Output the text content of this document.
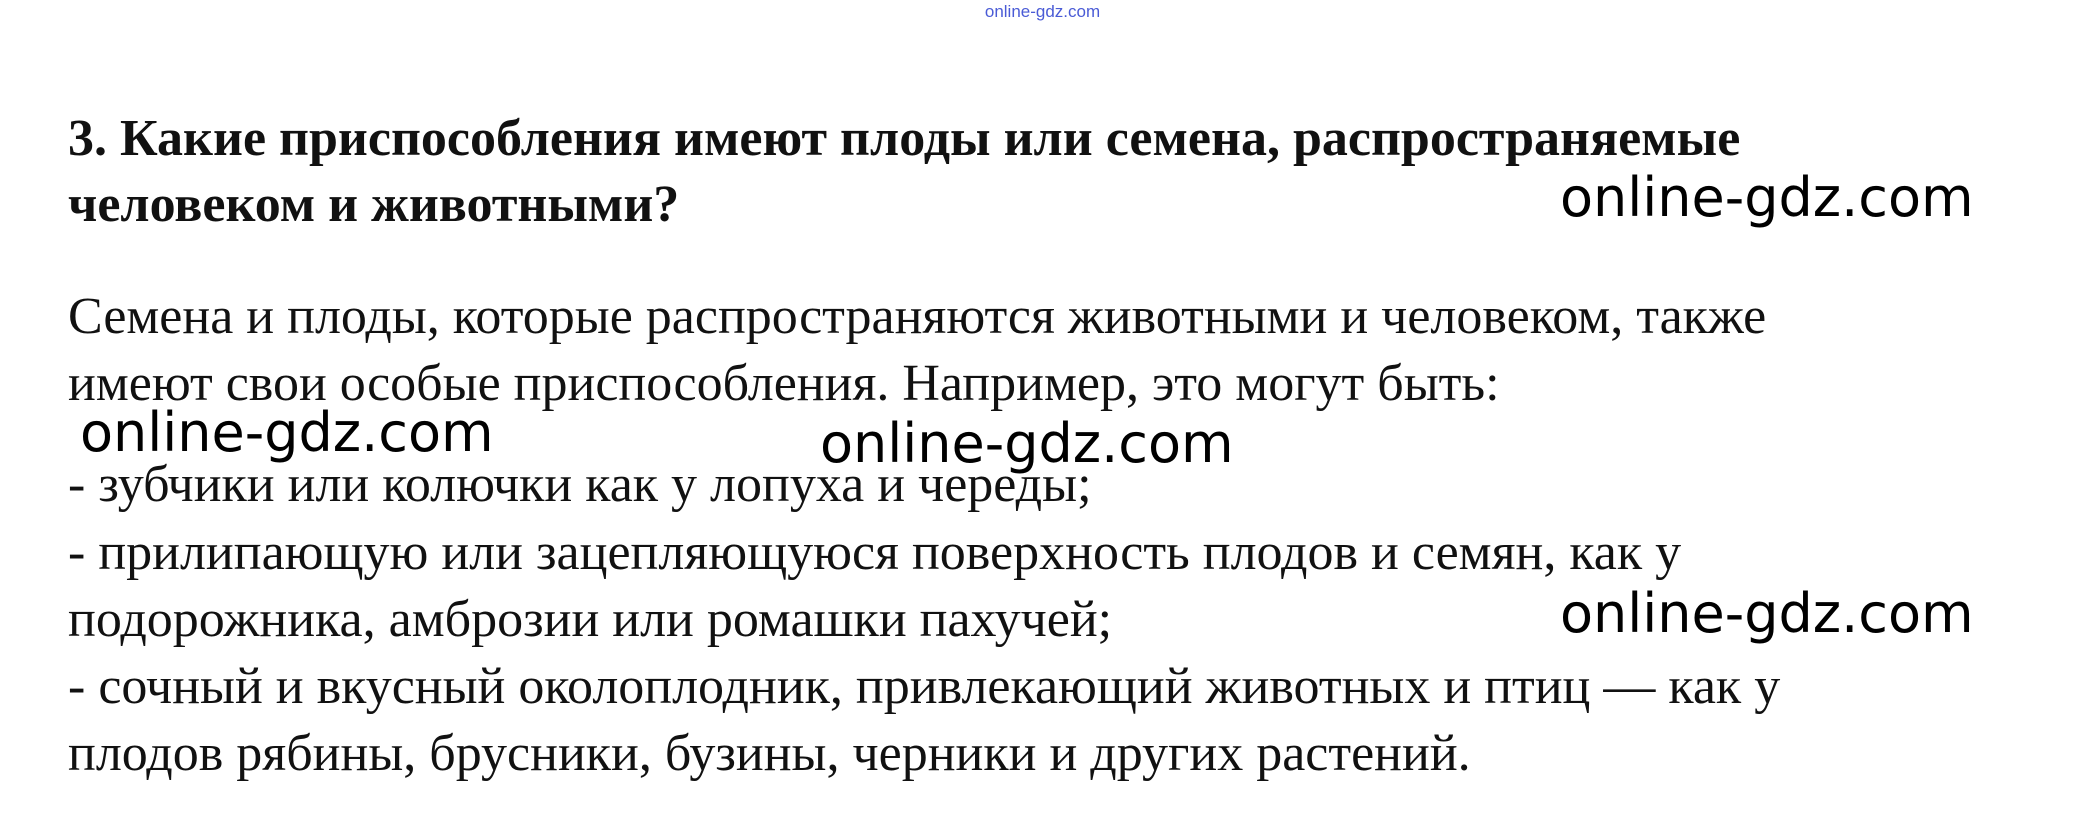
online-gdz.com
3. Какие приспособления имеют плоды или семена, распространяемые
человеком и животными?
Семена и плоды, которые распространяются животными и человеком, также
имеют свои особые приспособления. Например, это могут быть:
- зубчики или колючки как у лопуха и череды;
- прилипающую или зацепляющуюся поверхность плодов и семян, как у
подорожника, амброзии или ромашки пахучей;
- сочный и вкусный околоплодник, привлекающий животных и птиц — как у
плодов рябины, брусники, бузины, черники и других растений.
online-gdz.com
online-gdz.com	online-gdz.com
online-gdz.com
